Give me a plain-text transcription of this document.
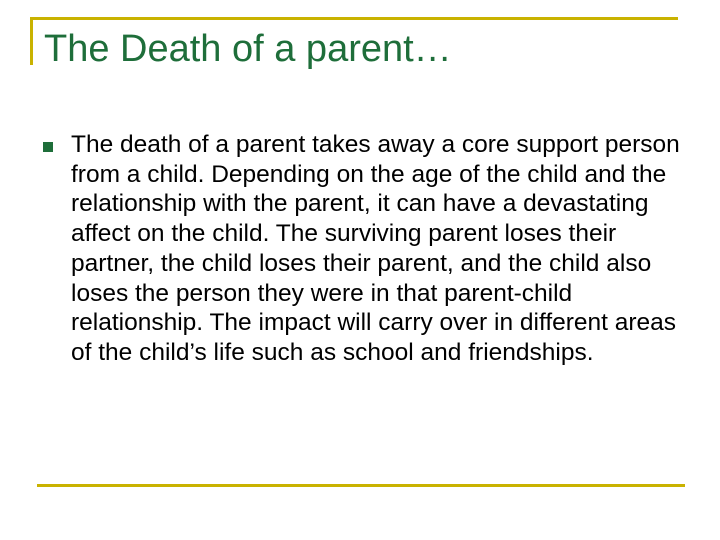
The Death of a parent…
The death of a parent takes away a core support person from a child. Depending on the age of the child and the relationship with the parent, it can have a devastating affect on the child. The surviving parent loses their partner, the child loses their parent, and the child also loses the person they were in that parent-child relationship. The impact will carry over in different areas of the child’s life such as school and friendships.
